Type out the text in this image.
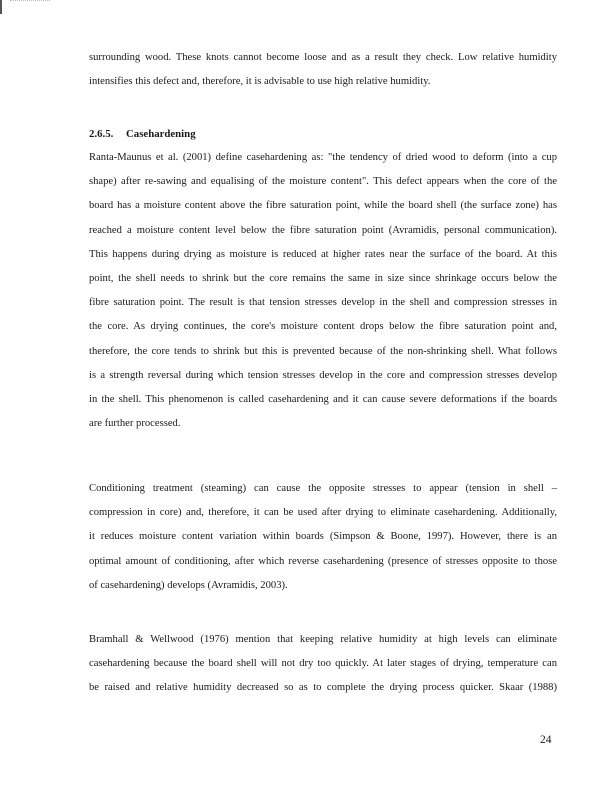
surrounding wood. These knots cannot become loose and as a result they check. Low relative humidity

intensifies this defect and, therefore, it is advisable to use high relative humidity.

2.6.5. Casehardening

Ranta-Maunus et al. (2001) define casehardening as: "the tendency of dried wood to deform (into a cup

shape) after re-sawing and equalising of the moisture content". This defect appears when the core of the

board has a moisture content above the fibre saturation point, while the board shell (the surface zone) has

reached a moisture content level below the fibre saturation point (Avramidis, personal communication).

This happens during drying as moisture is reduced at higher rates near the surface of the board. At this

point, the shell needs to shrink but the core remains the same in size since shrinkage occurs below the

fibre saturation point. The result is that tension stresses develop in the shell and compression stresses in

the core. As drying continues, the core's moisture content drops below the fibre saturation point and,

therefore, the core tends to shrink but this is prevented because of the non-shrinking shell. What follows

is a strength reversal during which tension stresses develop in the core and compression stresses develop

in the shell. This phenomenon is called casehardening and it can cause severe deformations if the boards

are further processed.

Conditioning treatment (steaming) can cause the opposite stresses to appear (tension in shell –

compression in core) and, therefore, it can be used after drying to eliminate casehardening. Additionally,

it reduces moisture content variation within boards (Simpson & Boone, 1997). However, there is an

optimal amount of conditioning, after which reverse casehardening (presence of stresses opposite to those

of casehardening) develops (Avramidis, 2003).

Bramhall & Wellwood (1976) mention that keeping relative humidity at high levels can eliminate

casehardening because the board shell will not dry too quickly. At later stages of drying, temperature can

be raised and relative humidity decreased so as to complete the drying process quicker. Skaar (1988)

24
